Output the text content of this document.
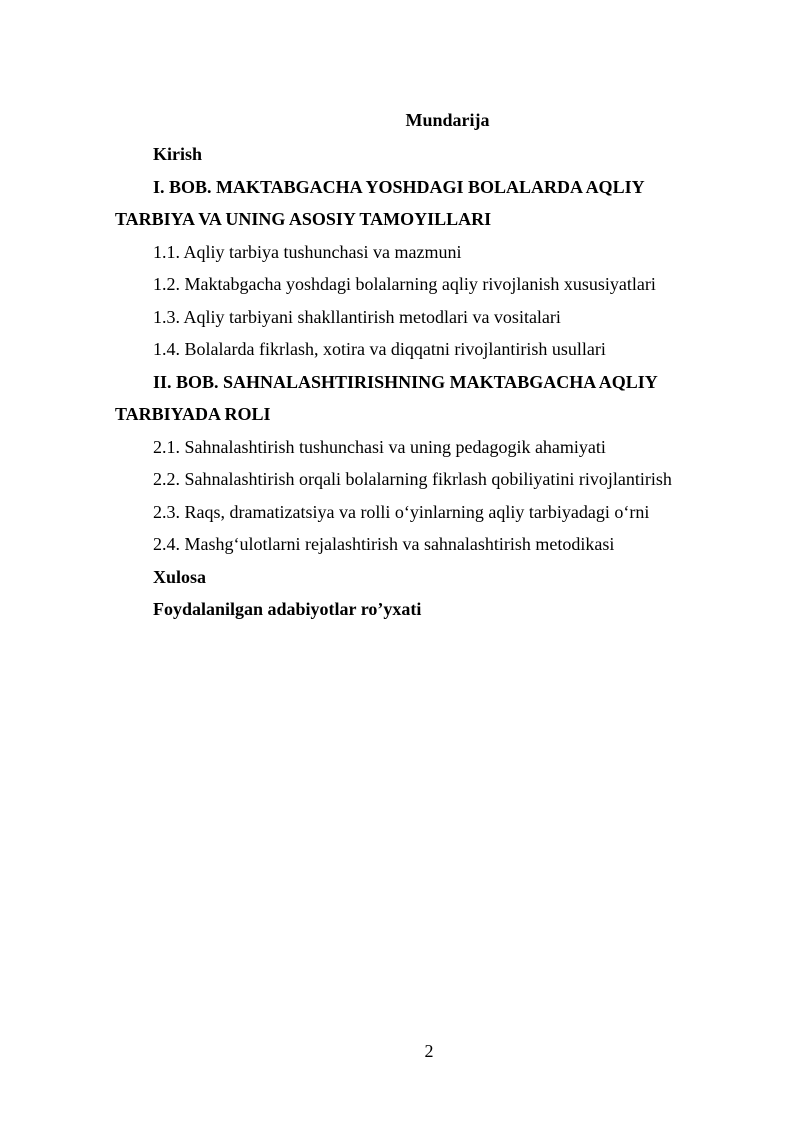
Mundarija

Kirish

I. BOB. MAKTABGACHA YOSHDAGI BOLALARDA AQLIY TARBIYA VA UNING ASOSIY TAMOYILLARI

1.1. Aqliy tarbiya tushunchasi va mazmuni

1.2. Maktabgacha yoshdagi bolalarning aqliy rivojlanish xususiyatlari

1.3. Aqliy tarbiyani shakllantirish metodlari va vositalari

1.4. Bolalarda fikrlash, xotira va diqqatni rivojlantirish usullari

II. BOB. SAHNALASHTIRISHNING MAKTABGACHA AQLIY TARBIYADA ROLI

2.1. Sahnalashtirish tushunchasi va uning pedagogik ahamiyati

2.2. Sahnalashtirish orqali bolalarning fikrlash qobiliyatini rivojlantirish

2.3. Raqs, dramatizatsiya va rolli o‘yinlarning aqliy tarbiyadagi o‘rni

2.4. Mashg‘ulotlarni rejalashtirish va sahnalashtirish metodikasi

Xulosa

Foydalanilgan adabiyotlar ro’yxati

2
